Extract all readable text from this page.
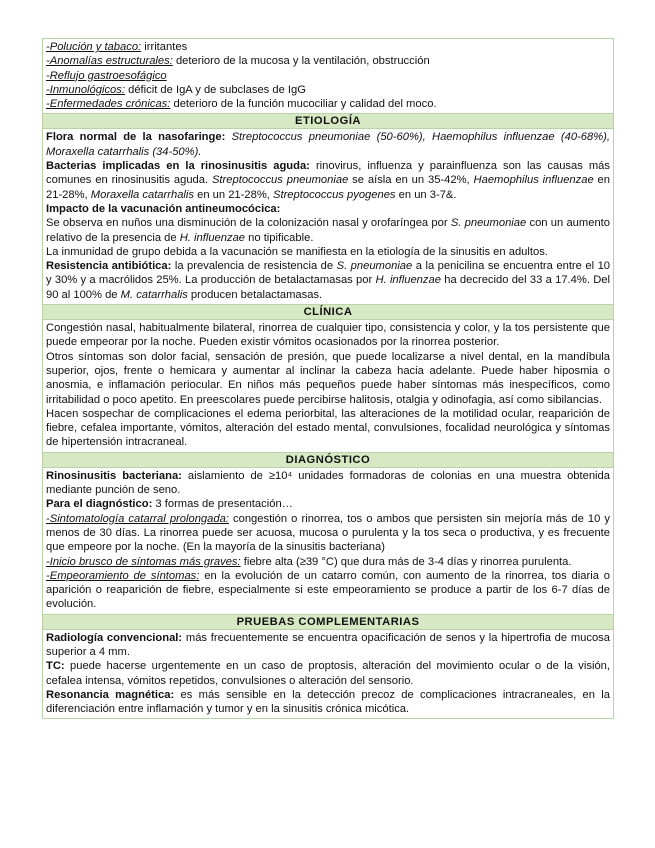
-Polución y tabaco: irritantes

-Anomalías estructurales: deterioro de la mucosa y la ventilación, obstrucción

-Reflujo gastroesofágico

-Inmunológicos: déficit de IgA y de subclases de IgG

-Enfermedades crónicas: deterioro de la función mucociliar y calidad del moco.

ETIOLOGÍA

Flora normal de la nasofaringe: Streptococcus pneumoniae (50-60%), Haemophilus influenzae (40-68%), Moraxella catarrhalis (34-50%).

Bacterias implicadas en la rinosinusitis aguda: rinovirus, influenza y parainfluenza son las causas más comunes en rinosinusitis aguda. Streptococcus pneumoniae se aísla en un 35-42%, Haemophilus influenzae en 21-28%, Moraxella catarrhalis en un 21-28%, Streptococcus pyogenes en un 3-7&.

Impacto de la vacunación antineumocócica:

Se observa en nuños una disminución de la colonización nasal y orofaríngea por S. pneumoniae con un aumento relativo de la presencia de H. influenzae no tipificable.

La inmunidad de grupo debida a la vacunación se manifiesta en la etiología de la sinusitis en adultos.

Resistencia antibiótica: la prevalencia de resistencia de S. pneumoniae a la penicilina se encuentra entre el 10 y 30% y a macrólidos 25%. La producción de betalactamasas por H. influenzae ha decrecido del 33 a 17.4%. Del 90 al 100% de M. catarrhalis producen betalactamasas.

CLÍNICA

Congestión nasal, habitualmente bilateral, rinorrea de cualquier tipo, consistencia y color, y la tos persistente que puede empeorar por la noche. Pueden existir vómitos ocasionados por la rinorrea posterior.

Otros síntomas son dolor facial, sensación de presión, que puede localizarse a nivel dental, en la mandíbula superior, ojos, frente o hemicara y aumentar al inclinar la cabeza hacia adelante. Puede haber hiposmia o anosmia, e inflamación periocular. En niños más pequeños puede haber síntomas más inespecíficos, como irritabilidad o poco apetito. En preescolares puede percibirse halitosis, otalgia y odinofagia, así como sibilancias.

Hacen sospechar de complicaciones el edema periorbital, las alteraciones de la motilidad ocular, reaparición de fiebre, cefalea importante, vómitos, alteración del estado mental, convulsiones, focalidad neurológica y síntomas de hipertensión intracraneal.

DIAGNÓSTICO

Rinosinusitis bacteriana: aislamiento de ≥10⁴ unidades formadoras de colonias en una muestra obtenida mediante punción de seno.

Para el diagnóstico: 3 formas de presentación…

-Sintomatología catarral prolongada: congestión o rinorrea, tos o ambos que persisten sin mejoría más de 10 y menos de 30 días. La rinorrea puede ser acuosa, mucosa o purulenta y la tos seca o productiva, y es frecuente que empeore por la noche. (En la mayoría de la sinusitis bacteriana)

-Inicio brusco de síntomas más graves: fiebre alta (≥39 °C) que dura más de 3-4 días y rinorrea purulenta.

-Empeoramiento de síntomas: en la evolución de un catarro común, con aumento de la rinorrea, tos diaria o aparición o reaparición de fiebre, especialmente si este empeoramiento se produce a partir de los 6-7 días de evolución.

PRUEBAS COMPLEMENTARIAS

Radiología convencional: más frecuentemente se encuentra opacificación de senos y la hipertrofia de mucosa superior a 4 mm.

TC: puede hacerse urgentemente en un caso de proptosis, alteración del movimiento ocular o de la visión, cefalea intensa, vómitos repetidos, convulsiones o alteración del sensorio.

Resonancia magnética: es más sensible en la detección precoz de complicaciones intracraneales, en la diferenciación entre inflamación y tumor y en la sinusitis crónica micótica.
